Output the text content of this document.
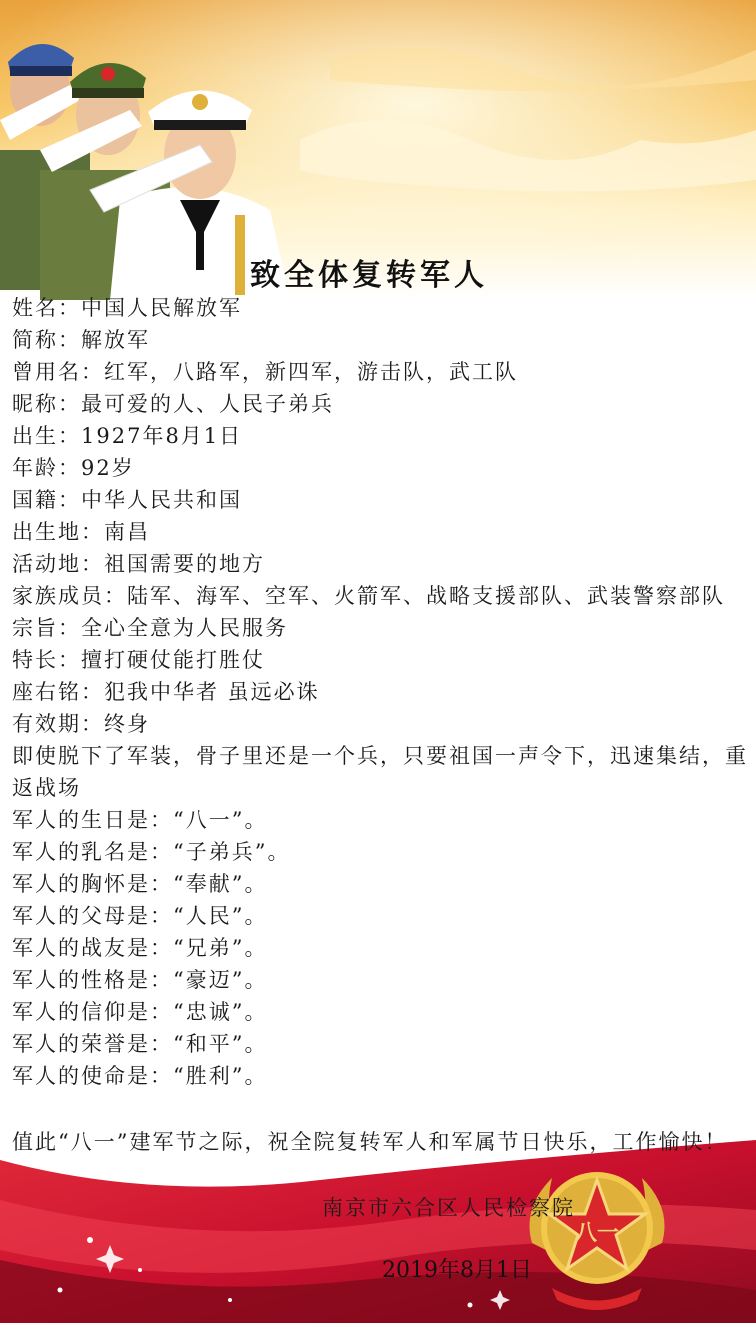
致全体复转军人
姓名：中国人民解放军
简称：解放军
曾用名：红军，八路军，新四军，游击队，武工队
昵称：最可爱的人、人民子弟兵
出生：1927年8月1日
年龄：92岁
国籍：中华人民共和国
出生地：南昌
活动地：祖国需要的地方
家族成员：陆军、海军、空军、火箭军、战略支援部队、武装警察部队
宗旨：全心全意为人民服务
特长：擅打硬仗能打胜仗
座右铭：犯我中华者 虽远必诛
有效期：终身
即使脱下了军装，骨子里还是一个兵，只要祖国一声令下，迅速集结，重返战场
军人的生日是：“八一”。
军人的乳名是：“子弟兵”。
军人的胸怀是：“奉献”。
军人的父母是：“人民”。
军人的战友是：“兄弟”。
军人的性格是：“豪迈”。
军人的信仰是：“忠诚”。
军人的荣誉是：“和平”。
军人的使命是：“胜利”。
八一
值此“八一”建军节之际，祝全院复转军人和军属节日快乐，工作愉快！
南京市六合区人民检察院
2019年8月1日
